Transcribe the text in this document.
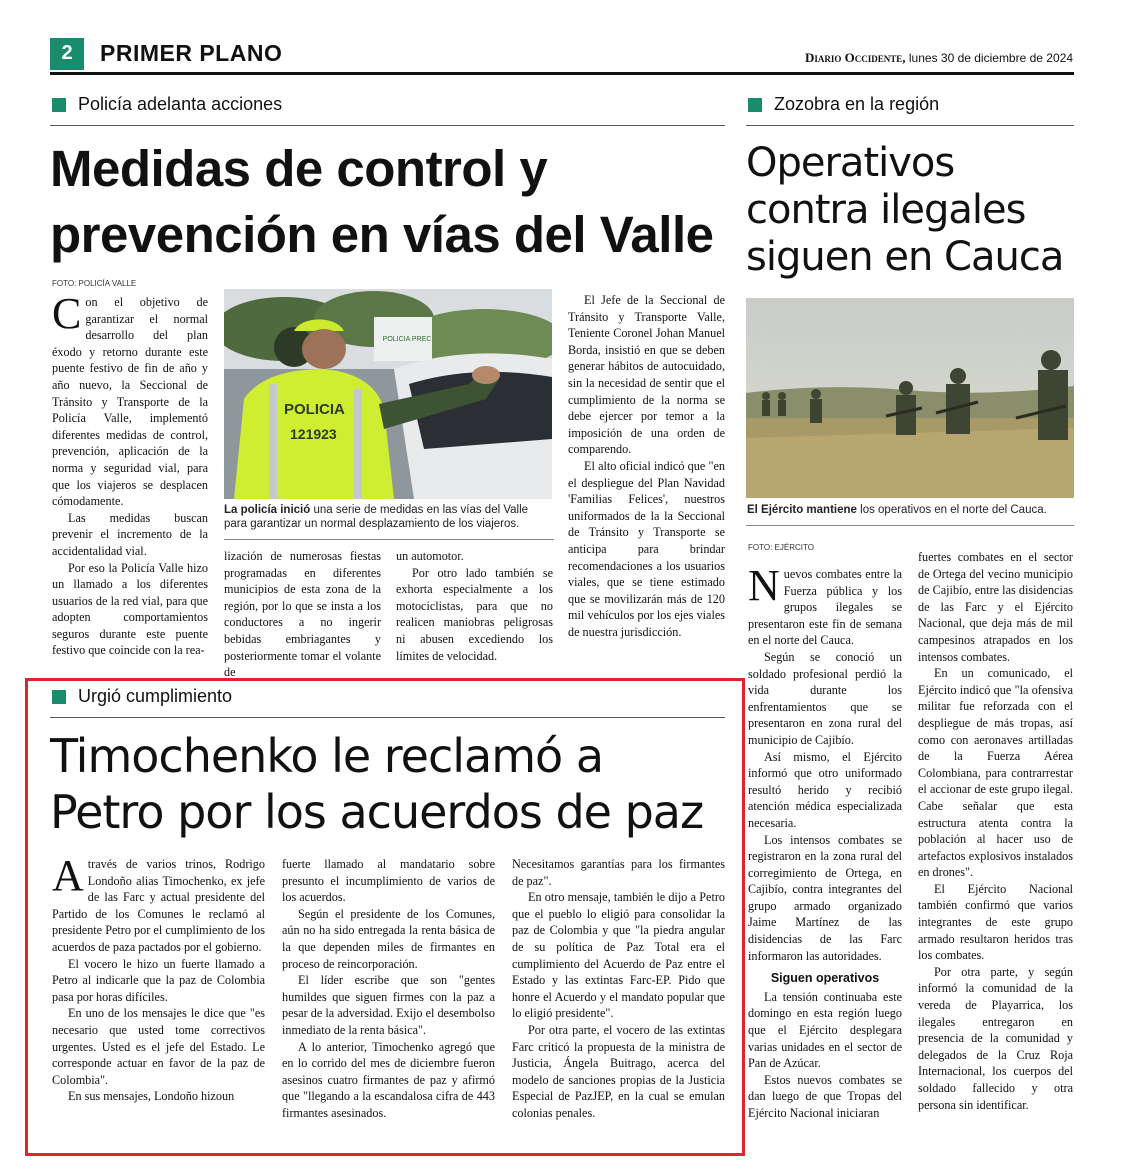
2	PRIMER PLANO	Diario Occidente, lunes 30 de diciembre de 2024
Policía adelanta acciones
Medidas de control y
prevención en vías del Valle
FOTO: POLICÍA VALLE

Con el objetivo de garantizar el normal desarrollo del plan éxodo y retorno durante este puente festivo de fin de año y año nuevo, la Seccional de Tránsito y Transporte de la Policía Valle, implementó diferentes medidas de control, prevención, aplicación de la norma y seguridad vial, para que los viajeros se desplacen cómodamente.

Las medidas buscan prevenir el incremento de la accidentalidad vial.

Por eso la Policía Valle hizo un llamado a los diferentes usuarios de la red vial, para que adopten comportamientos seguros durante este puente festivo que coincide con la rea-

POLICIA PREC
POLICIA
121923
La policía inició una serie de medidas en las vías del Valle para garantizar un normal desplazamiento de los viajeros.

lización de numerosas fiestas programadas en diferentes municipios de esta zona de la región, por lo que se insta a los conductores a no ingerir bebidas embriagantes y posteriormente tomar el volante de

un automotor.

Por otro lado también se exhorta especialmente a los motociclistas, para que no realicen maniobras peligrosas ni abusen excediendo los límites de velocidad.

El Jefe de la Seccional de Tránsito y Transporte Valle, Teniente Coronel Johan Manuel Borda, insistió en que se deben generar hábitos de autocuidado, sin la necesidad de sentir que el cumplimiento de la norma se debe ejercer por temor a la imposición de una orden de comparendo.

El alto oficial indicó que "en el despliegue del Plan Navidad 'Familias Felices', nuestros uniformados de la la Seccional de Tránsito y Transporte se anticipa para brindar recomendaciones a los usuarios viales, que se tiene estimado que se movilizarán más de 120 mil vehículos por los ejes viales de nuestra jurisdicción.

Zozobra en la región
Operativos
contra ilegales
siguen en Cauca
El Ejército mantiene los operativos en el norte del Cauca.
FOTO: EJÉRCITO

Nuevos combates entre la Fuerza pública y los grupos ilegales se presentaron este fin de semana en el norte del Cauca.

Según se conoció un soldado profesional perdió la vida durante los enfrentamientos que se presentaron en zona rural del municipio de Cajibío.

Así mismo, el Ejército informó que otro uniformado resultó herido y recibió atención médica especializada necesaria.

Los intensos combates se registraron en la zona rural del corregimiento de Ortega, en Cajibío, contra integrantes del grupo armado organizado Jaime Martínez de las disidencias de las Farc informaron las autoridades.

Siguen operativos

La tensión continuaba este domingo en esta región luego que el Ejército desplegara varias unidades en el sector de Pan de Azúcar.

Estos nuevos combates se dan luego de que Tropas del Ejército Nacional iniciaran

fuertes combates en el sector de Ortega del vecino municipio de Cajibío, entre las disidencias de las Farc y el Ejército Nacional, que deja más de mil campesinos atrapados en los intensos combates.

En un comunicado, el Ejército indicó que "la ofensiva militar fue reforzada con el despliegue de más tropas, así como con aeronaves artilladas de la Fuerza Aérea Colombiana, para contrarrestar el accionar de este grupo ilegal. Cabe señalar que esta estructura atenta contra la población al hacer uso de artefactos explosivos instalados en drones".

El Ejército Nacional también confirmó que varios integrantes de este grupo armado resultaron heridos tras los combates.

Por otra parte, y según informó la comunidad de la vereda de Playarrica, los ilegales entregaron en presencia de la comunidad y delegados de la Cruz Roja Internacional, los cuerpos del soldado fallecido y otra persona sin identificar.

Urgió cumplimiento
Timochenko le reclamó a
Petro por los acuerdos de paz

Através de varios trinos, Rodrigo Londoño alias Timochenko, ex jefe de las Farc y actual presidente del Partido de los Comunes le reclamó al presidente Petro por el cumplimiento de los acuerdos de paza pactados por el gobierno.

El vocero le hizo un fuerte llamado a Petro al indicarle que la paz de Colombia pasa por horas difíciles.

En uno de los mensajes le dice que "es necesario que usted tome correctivos urgentes. Usted es el jefe del Estado. Le corresponde actuar en favor de la paz de Colombia".

En sus mensajes, Londoño hizoun

fuerte llamado al mandatario sobre presunto el incumplimiento de varios de los acuerdos.

Según el presidente de los Comunes, aún no ha sido entregada la renta básica de la que dependen miles de firmantes en proceso de reincorporación.

El líder escribe que son "gentes humildes que siguen firmes con la paz a pesar de la adversidad. Exijo el desembolso inmediato de la renta básica".

A lo anterior, Timochenko agregó que en lo corrido del mes de diciembre fueron asesinos cuatro firmantes de paz y afirmó que "llegando a la escandalosa cifra de 443 firmantes asesinados.

Necesitamos garantías para los firmantes de paz".

En otro mensaje, también le dijo a Petro que el pueblo lo eligió para consolidar la paz de Colombia y que "la piedra angular de su política de Paz Total era el cumplimiento del Acuerdo de Paz entre el Estado y las extintas Farc-EP. Pido que honre el Acuerdo y el mandato popular que lo eligió presidente".

Por otra parte, el vocero de las extintas Farc criticó la propuesta de la ministra de Justicia, Ángela Buitrago, acerca del modelo de sanciones propias de la Justicia Especial de PazJEP, en la cual se emulan colonias penales.
